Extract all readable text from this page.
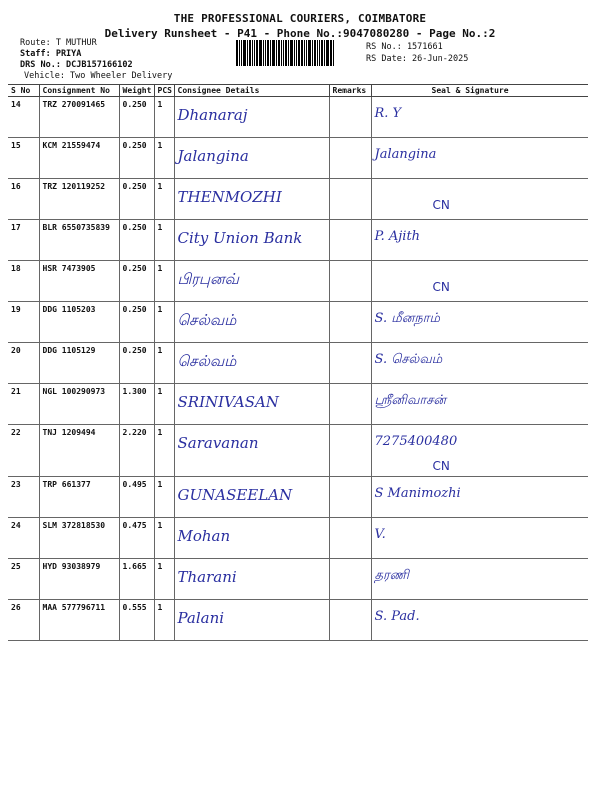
THE PROFESSIONAL COURIERS, COIMBATORE
Delivery Runsheet - P41 - Phone No.:9047080280 - Page No.:2
Route: T MUTHUR
Staff: PRIYA
DRS No.: DCJB157166102
Vehicle: Two Wheeler Delivery
RS No.: 1571661
RS Date: 26-Jun-2025
S No	Consignment No	Weight	PCS	Consignee Details	Remarks	Seal & Signature
14	TRZ 270091465	0.250	1	Dhanaraj		R. Y

15	KCM 21559474	0.250	1	Jalangina		Jalangina

16	TRZ 120119252	0.250	1	THENMOZHI		CN

17	BLR 6550735839	0.250	1	City Union Bank		P. Ajith

18	HSR 7473905	0.250	1	பிரபுனவ்		CN

19	DDG 1105203	0.250	1	செல்வம்		S. மீனநாம்

20	DDG 1105129	0.250	1	செல்வம்		S. செல்வம்

21	NGL 100290973	1.300	1	SRINIVASAN		ஸ்ரீனிவாசன்

22	TNJ 1209494	2.220	1	Saravanan		7275400480
CN

23	TRP 661377	0.495	1	GUNASEELAN		S Manimozhi

24	SLM 372818530	0.475	1	Mohan		V.

25	HYD 93038979	1.665	1	Tharani		தரணி

26	MAA 577796711	0.555	1	Palani		S. Pad.
